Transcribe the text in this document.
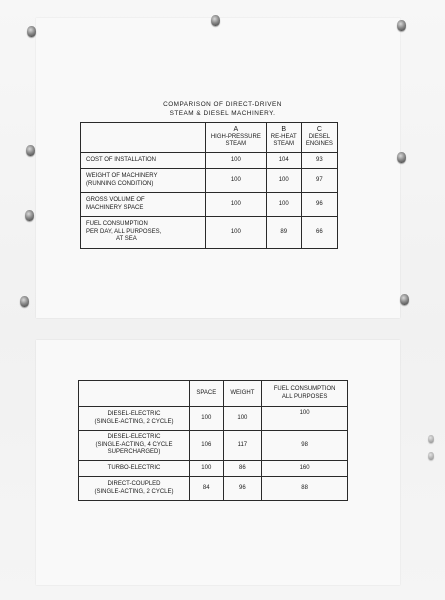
COMPARISON OF DIRECT-DRIVEN
STEAM & DIESEL MACHINERY.

	A
HIGH-PRESSURE
STEAM	B
RE-HEAT
STEAM	C
DIESEL
ENGINES

COST OF INSTALLATION	100	104	93

WEIGHT OF MACHINERY
(RUNNING CONDITION)	100	100	97

GROSS VOLUME OF
MACHINERY SPACE	100	100	96

FUEL CONSUMPTION
PER DAY, ALL PURPOSES,
AT SEA	100	89	66
	SPACE	WEIGHT	FUEL CONSUMPTION
ALL PURPOSES

DIESEL-ELECTRIC
(SINGLE-ACTING, 2 CYCLE)	100	100	100

DIESEL-ELECTRIC
(SINGLE-ACTING, 4 CYCLE
SUPERCHARGED)	106	117	98
TURBO-ELECTRIC	100	86	160

DIRECT-COUPLED
(SINGLE-ACTING, 2 CYCLE)	84	96	88
